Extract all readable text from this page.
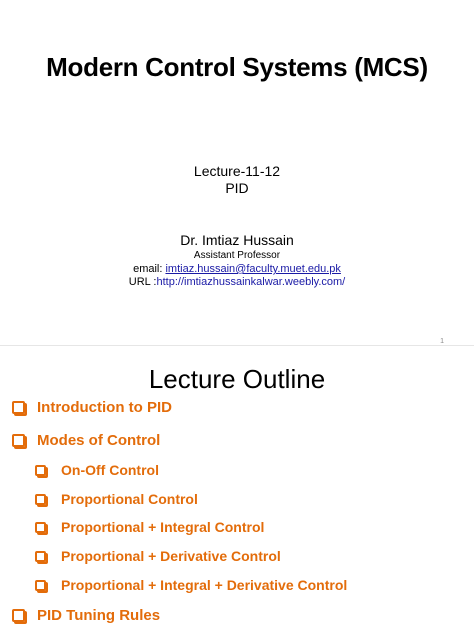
Modern Control Systems (MCS)
Lecture-11-12
PID
Dr. Imtiaz Hussain
Assistant Professor
email: imtiaz.hussain@faculty.muet.edu.pk
URL :http://imtiazhussainkalwar.weebly.com/
1
Lecture Outline
Introduction to PID
Modes of Control
On-Off Control
Proportional Control
Proportional + Integral Control
Proportional + Derivative Control
Proportional + Integral + Derivative Control
PID Tuning Rules
